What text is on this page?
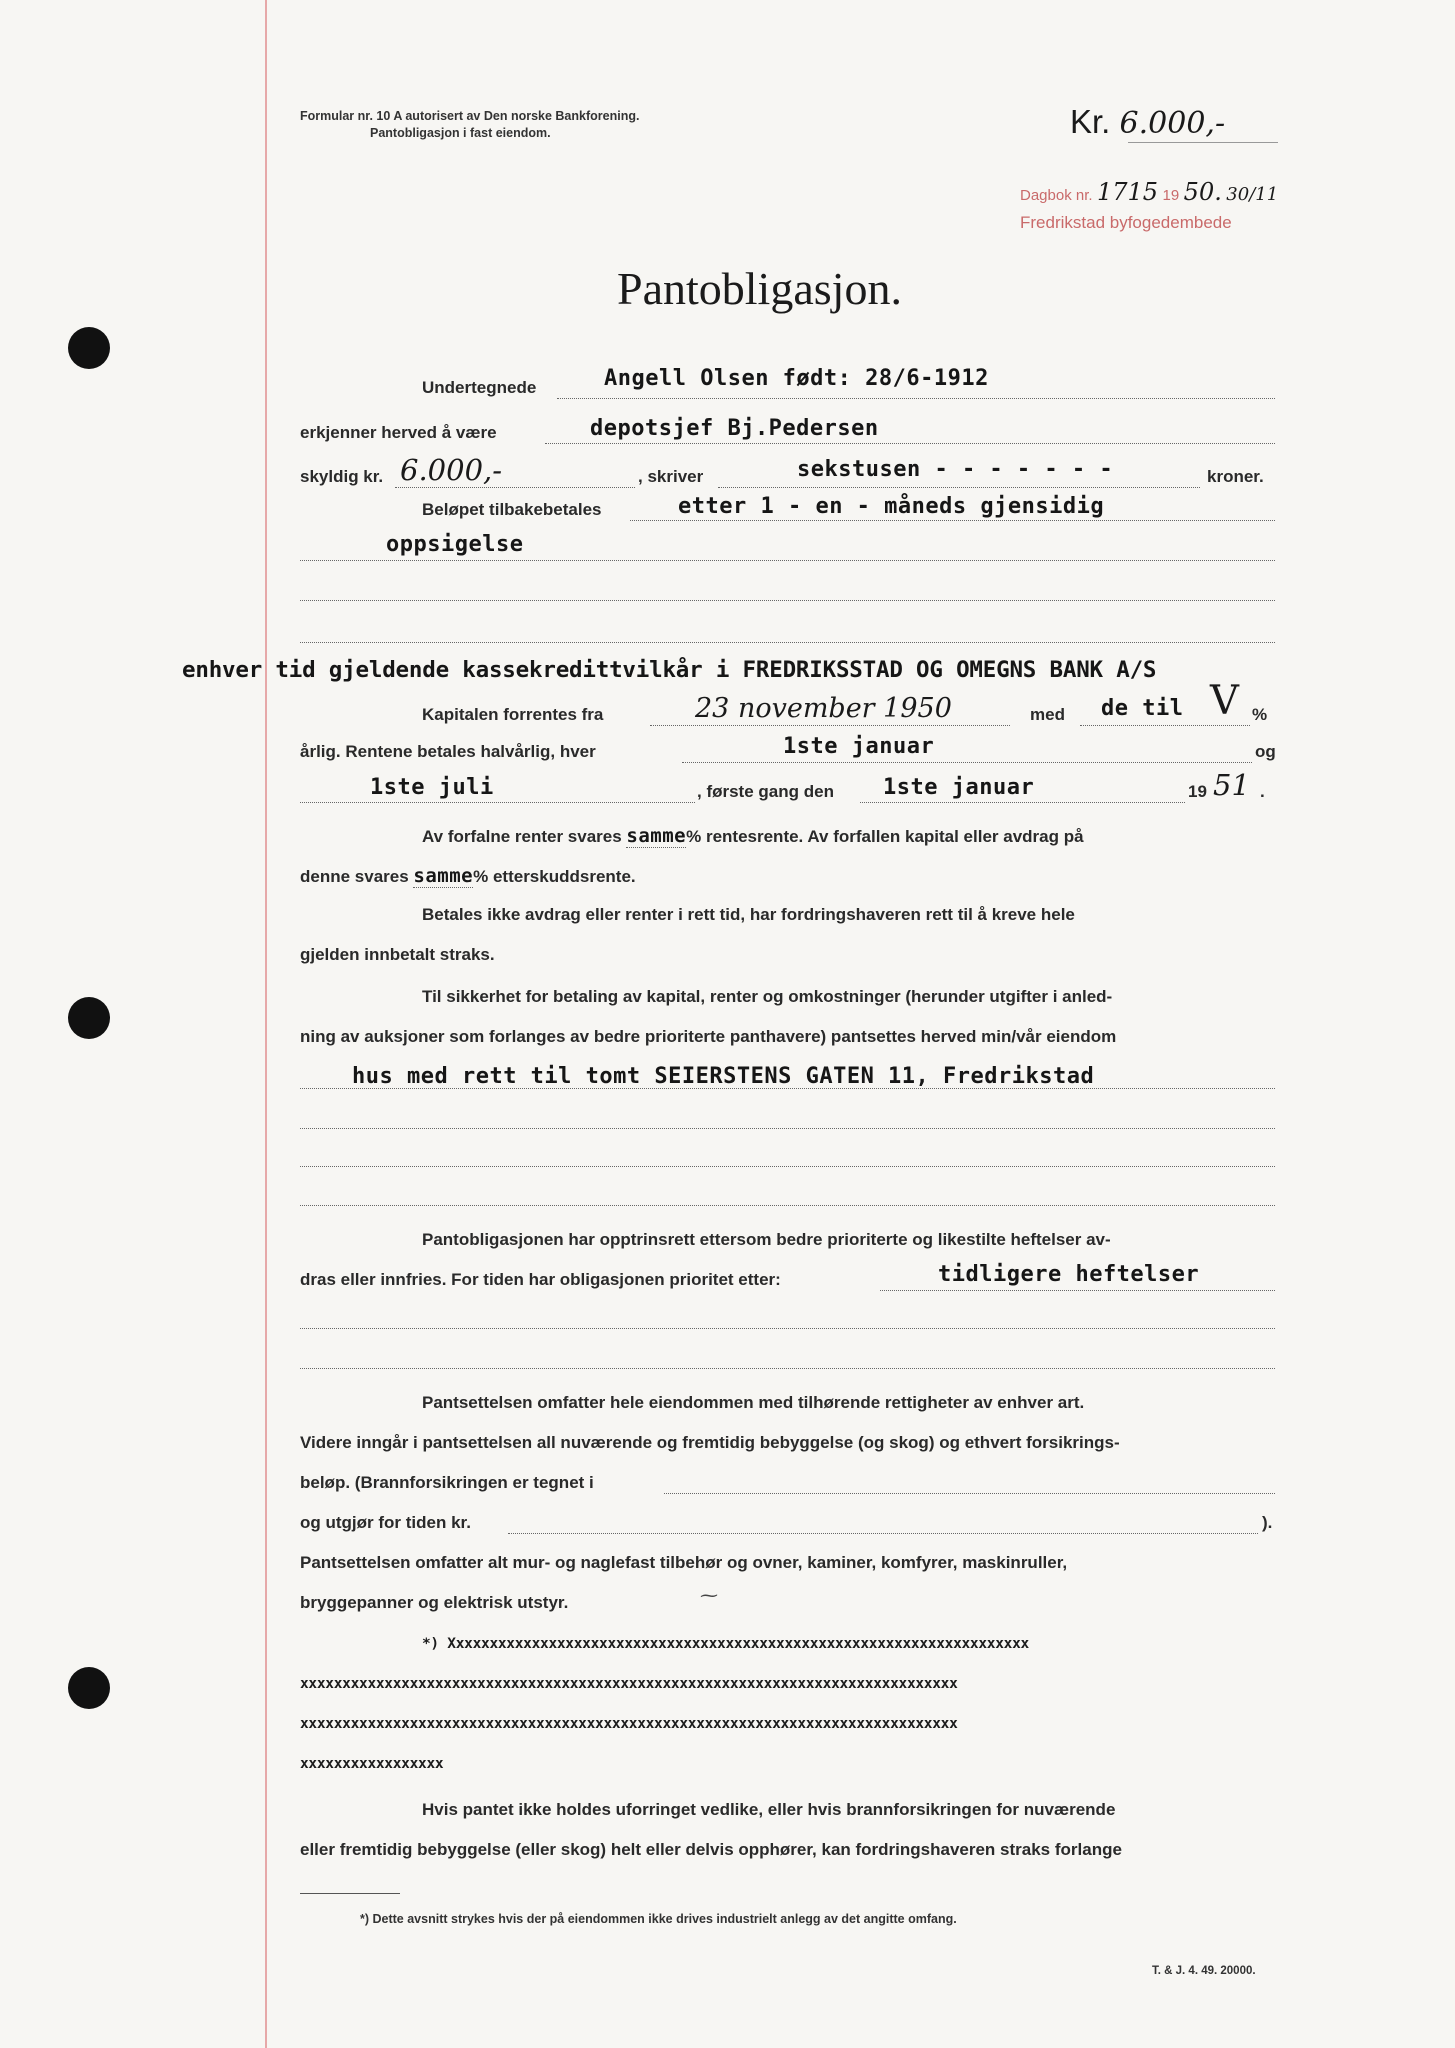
Formular nr. 10 A autorisert av Den norske Bankforening.
Pantobligasjon i fast eiendom.	Kr. 6.000,-
Dagbok nr. 1715 19 50. 30/11
Fredrikstad byfogedembede
Pantobligasjon.
Undertegnede	Angell Olsen født: 28/6-1912
erkjenner herved å være	depotsjef Bj.Pedersen
skyldig kr. 6.000,-	, skriver	sekstusen - - - - - - -	kroner.
Beløpet tilbakebetales	etter 1 - en - måneds gjensidig
oppsigelse
enhver tid gjeldende kassekredittvilkår i FREDRIKSSTAD OG OMEGNS BANK A/S
Kapitalen forrentes fra	23 november 1950	med de til V %
årlig. Rentene betales halvårlig, hver	1ste januar	og
1ste juli	, første gang den 1ste januar	19 51 .
Av forfalne renter svares samme% rentesrente. Av forfallen kapital eller avdrag på
denne svares samme% etterskuddsrente.
Betales ikke avdrag eller renter i rett tid, har fordringshaveren rett til å kreve hele
gjelden innbetalt straks.
Til sikkerhet for betaling av kapital, renter og omkostninger (herunder utgifter i anled-
ning av auksjoner som forlanges av bedre prioriterte panthavere) pantsettes herved min/vår eiendom
hus med rett til tomt SEIERSTENS GATEN 11, Fredrikstad
Pantobligasjonen har opptrinsrett ettersom bedre prioriterte og likestilte heftelser av-
dras eller innfries. For tiden har obligasjonen prioritet etter:	tidligere heftelser
Pantsettelsen omfatter hele eiendommen med tilhørende rettigheter av enhver art.
Videre inngår i pantsettelsen all nuværende og fremtidig bebyggelse (og skog) og ethvert forsikrings-
beløp. (Brannforsikringen er tegnet i
og utgjør for tiden kr.	).
Pantsettelsen omfatter alt mur- og naglefast tilbehør og ovner, kaminer, komfyrer, maskinruller,
bryggepanner og elektrisk utstyr.	⁓
*) Xxxxxxxxxxxxxxxxxxxxxxxxxxxxxxxxxxxxxxxxxxxxxxxxxxxxxxxxxxxxxxxxxxxxx
xxxxxxxxxxxxxxxxxxxxxxxxxxxxxxxxxxxxxxxxxxxxxxxxxxxxxxxxxxxxxxxxxxxxxxxxxxxxxx
xxxxxxxxxxxxxxxxxxxxxxxxxxxxxxxxxxxxxxxxxxxxxxxxxxxxxxxxxxxxxxxxxxxxxxxxxxxxxx
xxxxxxxxxxxxxxxxx
Hvis pantet ikke holdes uforringet vedlike, eller hvis brannforsikringen for nuværende
eller fremtidig bebyggelse (eller skog) helt eller delvis opphører, kan fordringshaveren straks forlange
*) Dette avsnitt strykes hvis der på eiendommen ikke drives industrielt anlegg av det angitte omfang.
T. & J. 4. 49. 20000.
